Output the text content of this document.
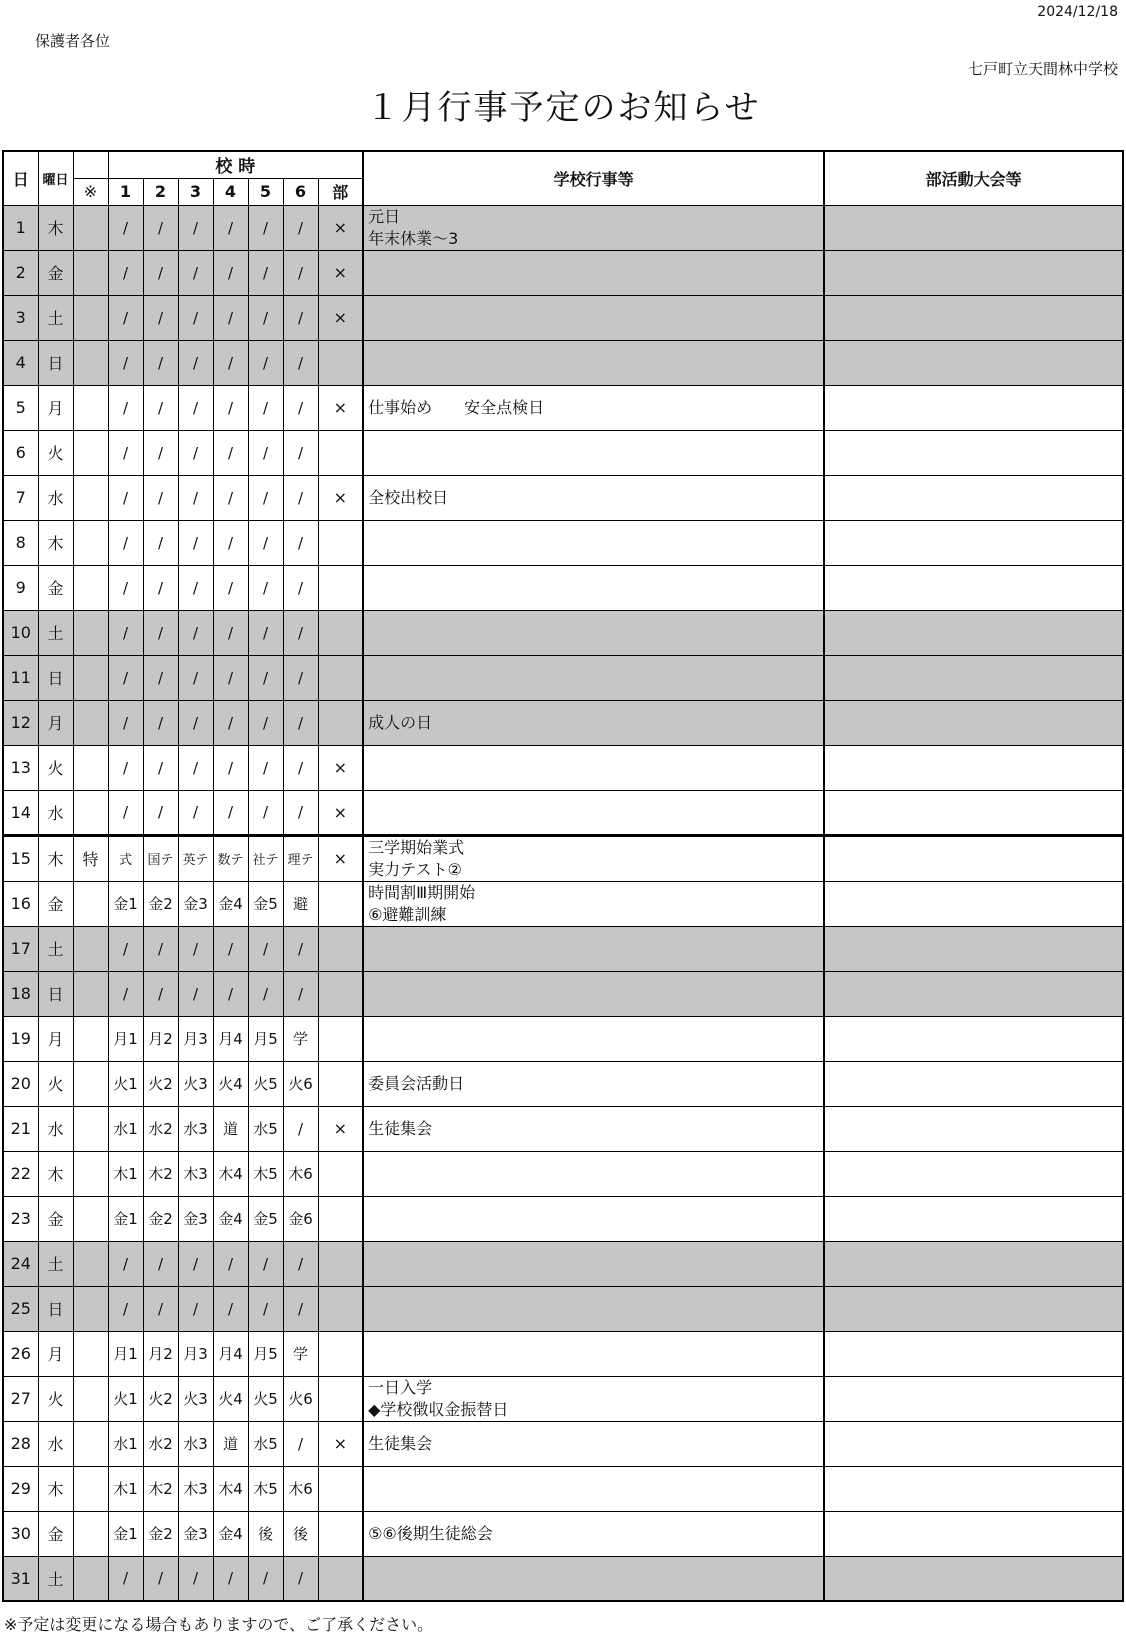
2024/12/18
保護者各位
七戸町立天間林中学校
１月行事予定のお知らせ
日	曜日		校 時							学校行事等	部活動大会等
		※	1	2	3	4	5	6	部		
1	木		/	/	/	/	/	/	×	元日
年末休業～3	

2	金		/	/	/	/	/	/	×		
3	土		/	/	/	/	/	/	×		
4	日		/	/	/	/	/	/			
5	月		/	/	/	/	/	/	×	仕事始め　　安全点検日	

6	火		/	/	/	/	/	/			
7	水		/	/	/	/	/	/	×	全校出校日	

8	木		/	/	/	/	/	/			
9	金		/	/	/	/	/	/			
10	土		/	/	/	/	/	/			
11	日		/	/	/	/	/	/			
12	月		/	/	/	/	/	/		成人の日	

13	火		/	/	/	/	/	/	×		
14	水		/	/	/	/	/	/	×		
15	木	特	式	国テ	英テ	数テ	社テ	理テ	×	三学期始業式
実力テスト②	

16	金		金1	金2	金3	金4	金5	避		時間割Ⅲ期開始
⑥避難訓練	

17	土		/	/	/	/	/	/			
18	日		/	/	/	/	/	/			
19	月		月1	月2	月3	月4	月5	学			
20	火		火1	火2	火3	火4	火5	火6		委員会活動日	

21	水		水1	水2	水3	道	水5	/	×	生徒集会	

22	木		木1	木2	木3	木4	木5	木6			
23	金		金1	金2	金3	金4	金5	金6			
24	土		/	/	/	/	/	/			
25	日		/	/	/	/	/	/			
26	月		月1	月2	月3	月4	月5	学			
27	火		火1	火2	火3	火4	火5	火6		一日入学
◆学校徴収金振替日	

28	水		水1	水2	水3	道	水5	/	×	生徒集会	

29	木		木1	木2	木3	木4	木5	木6			
30	金		金1	金2	金3	金4	後	後		⑤⑥後期生徒総会	

31	土		/	/	/	/	/	/			
※予定は変更になる場合もありますので、ご了承ください。
